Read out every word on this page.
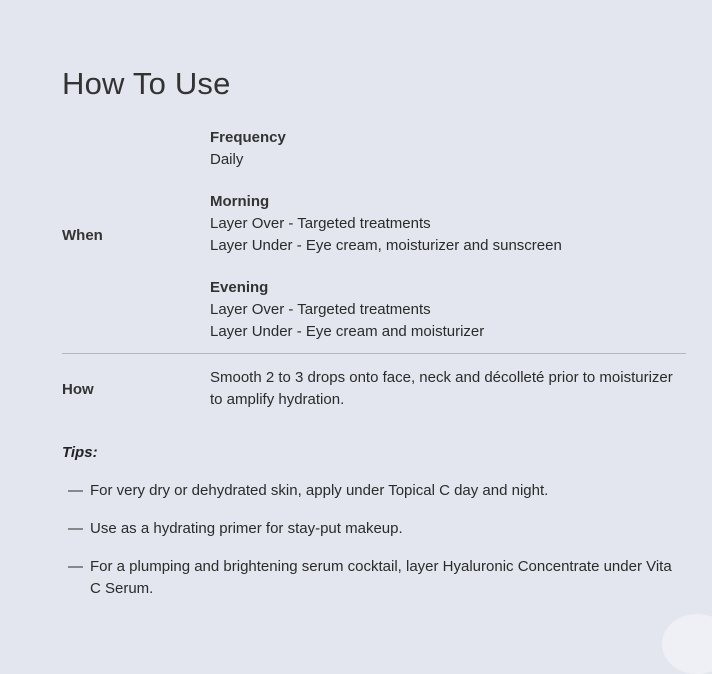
How To Use
When
Frequency
Daily
Morning
Layer Over - Targeted treatments
Layer Under - Eye cream, moisturizer and sunscreen
Evening
Layer Over - Targeted treatments
Layer Under - Eye cream and moisturizer
How
Smooth 2 to 3 drops onto face, neck and décolleté prior to moisturizer to amplify hydration.
Tips:
— For very dry or dehydrated skin, apply under Topical C day and night.
— Use as a hydrating primer for stay-put makeup.
— For a plumping and brightening serum cocktail, layer Hyaluronic Concentrate under Vita C Serum.
